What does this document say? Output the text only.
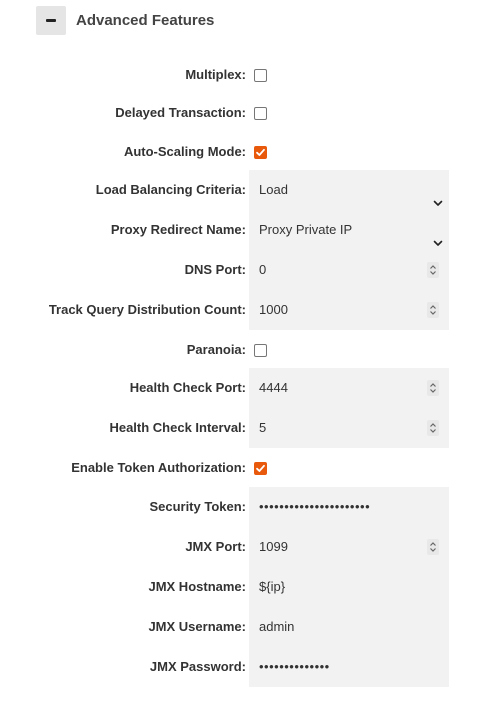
Advanced Features
Multiplex:
Delayed Transaction:
Auto-Scaling Mode:
Load Balancing Criteria:	Load
Proxy Redirect Name:	Proxy Private IP
DNS Port:	0
Track Query Distribution Count:	1000
Paranoia:
Health Check Port:	4444
Health Check Interval:	5
Enable Token Authorization:
Security Token:	••••••••••••••••••••••
JMX Port:	1099
JMX Hostname:	${ip}
JMX Username:	admin
JMX Password:	••••••••••••••
